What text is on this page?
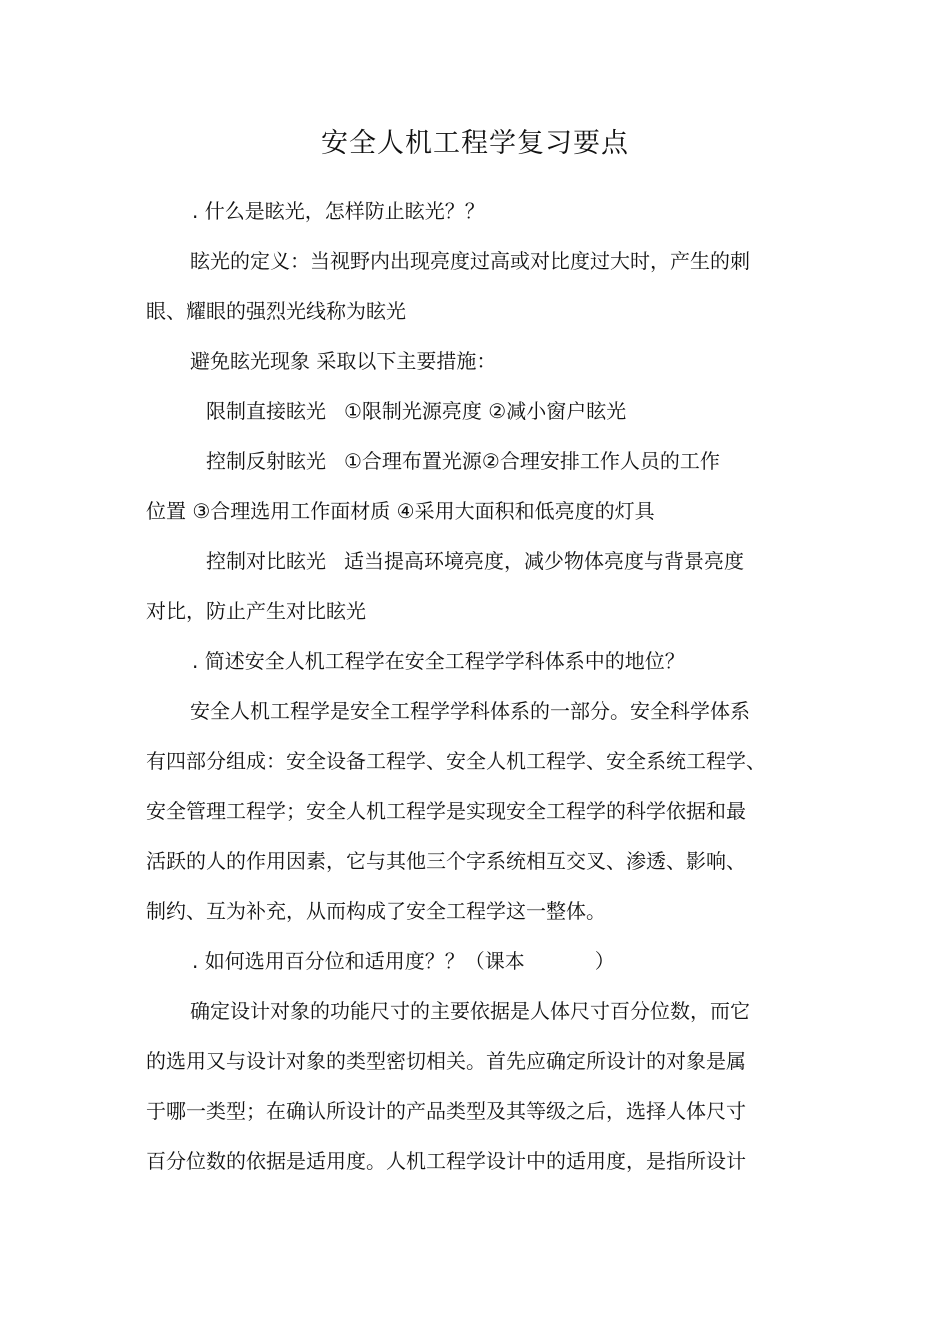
安全人机工程学复习要点
. 什么是眩光，怎样防止眩光？？
眩光的定义：当视野内出现亮度过高或对比度过大时，产生的刺
眼、耀眼的强烈光线称为眩光
避免眩光现象 采取以下主要措施：
限制直接眩光 ①限制光源亮度 ②减小窗户眩光
控制反射眩光 ①合理布置光源②合理安排工作人员的工作
位置 ③合理选用工作面材质 ④采用大面积和低亮度的灯具
控制对比眩光 适当提高环境亮度，减少物体亮度与背景亮度
对比，防止产生对比眩光
. 简述安全人机工程学在安全工程学学科体系中的地位？
安全人机工程学是安全工程学学科体系的一部分。安全科学体系
有四部分组成：安全设备工程学、安全人机工程学、安全系统工程学、
安全管理工程学；安全人机工程学是实现安全工程学的科学依据和最
活跃的人的作用因素，它与其他三个字系统相互交叉、渗透、影响、
制约、互为补充，从而构成了安全工程学这一整体。
. 如何选用百分位和适用度？？（课本	）
确定设计对象的功能尺寸的主要依据是人体尺寸百分位数，而它
的选用又与设计对象的类型密切相关。首先应确定所设计的对象是属
于哪一类型；在确认所设计的产品类型及其等级之后，选择人体尺寸
百分位数的依据是适用度。人机工程学设计中的适用度，是指所设计
